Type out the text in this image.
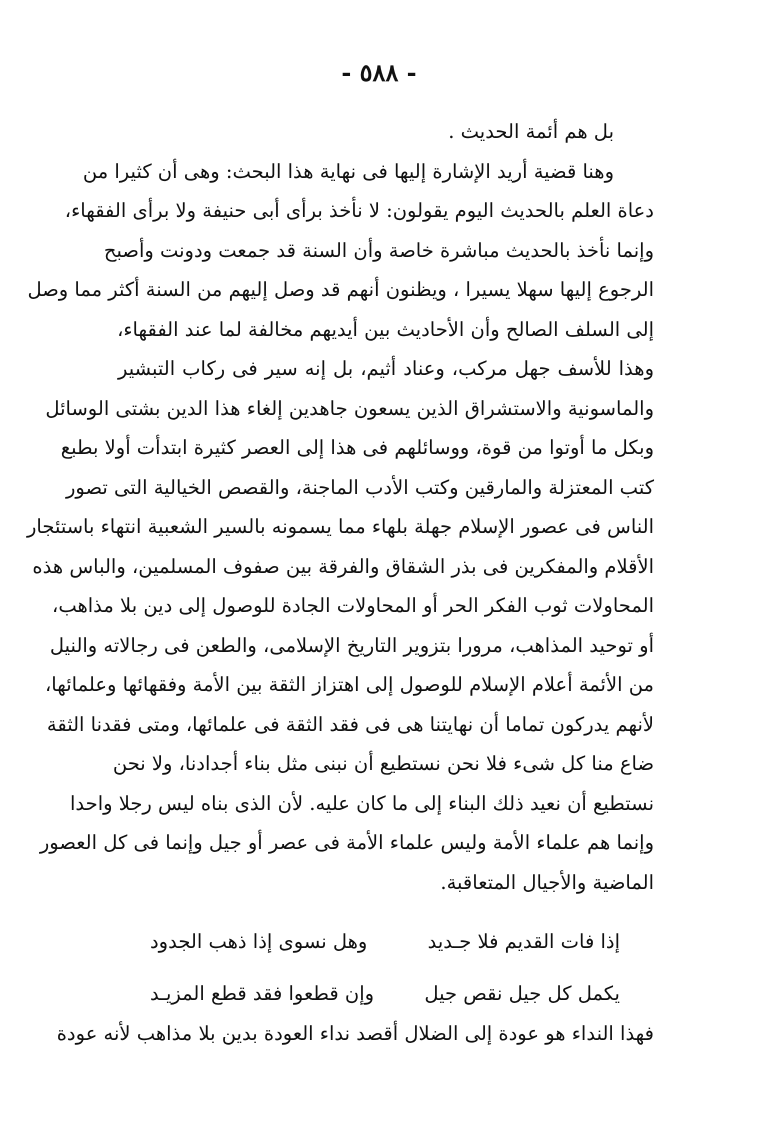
- ٥٨٨ -
بل هم أئمة الحديث .
وهنا قضية أريد الإشارة إليها فى نهاية هذا البحث: وهى أن كثيرا من
دعاة العلم بالحديث اليوم يقولون: لا نأخذ برأى أبى حنيفة ولا برأى الفقهاء،
وإنما نأخذ بالحديث مباشرة خاصة وأن السنة قد جمعت ودونت وأصبح
الرجوع إليها سهلا يسيرا ، ويظنون أنهم قد وصل إليهم من السنة أكثر مما وصل
إلى السلف الصالح وأن الأحاديث بين أيديهم مخالفة لما عند الفقهاء،
وهذا للأسف جهل مركب، وعناد أثيم، بل إنه سير فى ركاب التبشير
والماسونية والاستشراق الذين يسعون جاهدين إلغاء هذا الدين بشتى الوسائل
وبكل ما أوتوا من قوة، ووسائلهم فى هذا إلى العصر كثيرة ابتدأت أولا بطبع
كتب المعتزلة والمارقين وكتب الأدب الماجنة، والقصص الخيالية التى تصور
الناس فى عصور الإسلام جهلة بلهاء مما يسمونه بالسير الشعبية انتهاء باستئجار
الأقلام والمفكرين فى بذر الشقاق والفرقة بين صفوف المسلمين، والباس هذه
المحاولات ثوب الفكر الحر أو المحاولات الجادة للوصول إلى دين بلا مذاهب،
أو توحيد المذاهب، مرورا بتزوير التاريخ الإسلامى، والطعن فى رجالاته والنيل
من الأئمة أعلام الإسلام للوصول إلى اهتزاز الثقة بين الأمة وفقهائها وعلمائها،
لأنهم يدركون تماما أن نهايتنا هى فى فقد الثقة فى علمائها، ومتى فقدنا الثقة
ضاع منا كل شىء فلا نحن نستطيع أن نبنى مثل بناء أجدادنا، ولا نحن
نستطيع أن نعيد ذلك البناء إلى ما كان عليه. لأن الذى بناه ليس رجلا واحدا
وإنما هم علماء الأمة وليس علماء الأمة فى عصر أو جيل وإنما فى كل العصور
الماضية والأجيال المتعاقبة.
إذا فات القديم فلا جـديد
وهل نسوى إذا ذهب الجدود
يكمل كل جيل نقص جيل
وإن قطعوا فقد قطع المزيـد
فهذا النداء هو عودة إلى الضلال أقصد نداء العودة بدين بلا مذاهب لأنه عودة
